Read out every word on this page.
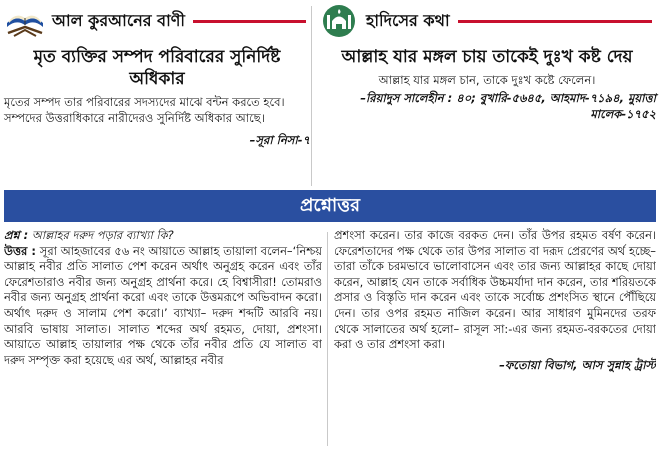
আল কুরআনের বাণী
মৃত ব্যক্তির সম্পদ পরিবারের সুনির্দিষ্ট অধিকার
মৃতের সম্পদ তার পরিবারের সদস্যদের মাঝে বন্টন করতে হবে। সম্পদের উত্তরাধিকারে নারীদেরও সুনির্দিষ্ট অধিকার আছে।
–সূরা নিসা-৭
হাদিসের কথা
আল্লাহ যার মঙ্গল চায় তাকেই দুঃখ কষ্ট দেয়
আল্লাহ যার মঙ্গল চান, তাকে দুঃখ কষ্টে ফেলেন।
–রিয়াদুস সালেহীন : ৪০; বুখারি-৫৬৪৫, আহমাদ-৭১৯৪, মুয়াত্তা মালেক-১৭৫২
প্রশ্নোত্তর
প্রশ্ন : আল্লাহর দরুদ পড়ার ব্যাখ্যা কি?
উত্তর : সূরা আহজাবের ৫৬ নং আয়াতে আল্লাহ তায়ালা বলেন–‘নিশ্চয় আল্লাহ নবীর প্রতি সালাত পেশ করেন অর্থাৎ অনুগ্রহ করেন এবং তাঁর ফেরেশতারাও নবীর জন্য অনুগ্রহ প্রার্থনা করে। হে বিশ্বাসীরা! তোমরাও নবীর জন্য অনুগ্রহ প্রার্থনা করো এবং তাকে উত্তমরূপে অভিবাদন করো। অর্থাৎ দরুদ ও সালাম পেশ করো।’ ব্যাখ্যা– দরুদ শব্দটি আরবি নয়। আরবি ভাষায় সালাত। সালাত শব্দের অর্থ রহমত, দোয়া, প্রশংসা। আয়াতে আল্লাহ তায়ালার পক্ষ থেকে তাঁর নবীর প্রতি যে সালাত বা দরুদ সম্পৃক্ত করা হয়েছে এর অর্থ, আল্লাহর নবীর
প্রশংসা করেন। তার কাজে বরকত দেন। তাঁর উপর রহমত বর্ষণ করেন। ফেরেশতাদের পক্ষ থেকে তার উপর সালাত বা দরূদ প্রেরণের অর্থ হচ্ছে– তারা তাঁকে চরমভাবে ভালোবাসেন এবং তার জন্য আল্লাহর কাছে দোয়া করেন, আল্লাহ যেন তাকে সর্বাধিক উচ্চমর্যাদা দান করেন, তার শরিয়তকে প্রসার ও বিস্তৃতি দান করেন এবং তাকে সর্বোচ্চ প্রশংসিত স্থানে পৌঁছিয়ে দেন। তার ওপর রহমত নাজিল করেন। আর সাধারণ মুমিনদের তরফ থেকে সালাতের অর্থ হলো– রাসূল সা:-এর জন্য রহমত-বরকতের দোয়া করা ও তার প্রশংসা করা।
–ফতোয়া বিভাগ, আস সুন্নাহ ট্রাস্ট
